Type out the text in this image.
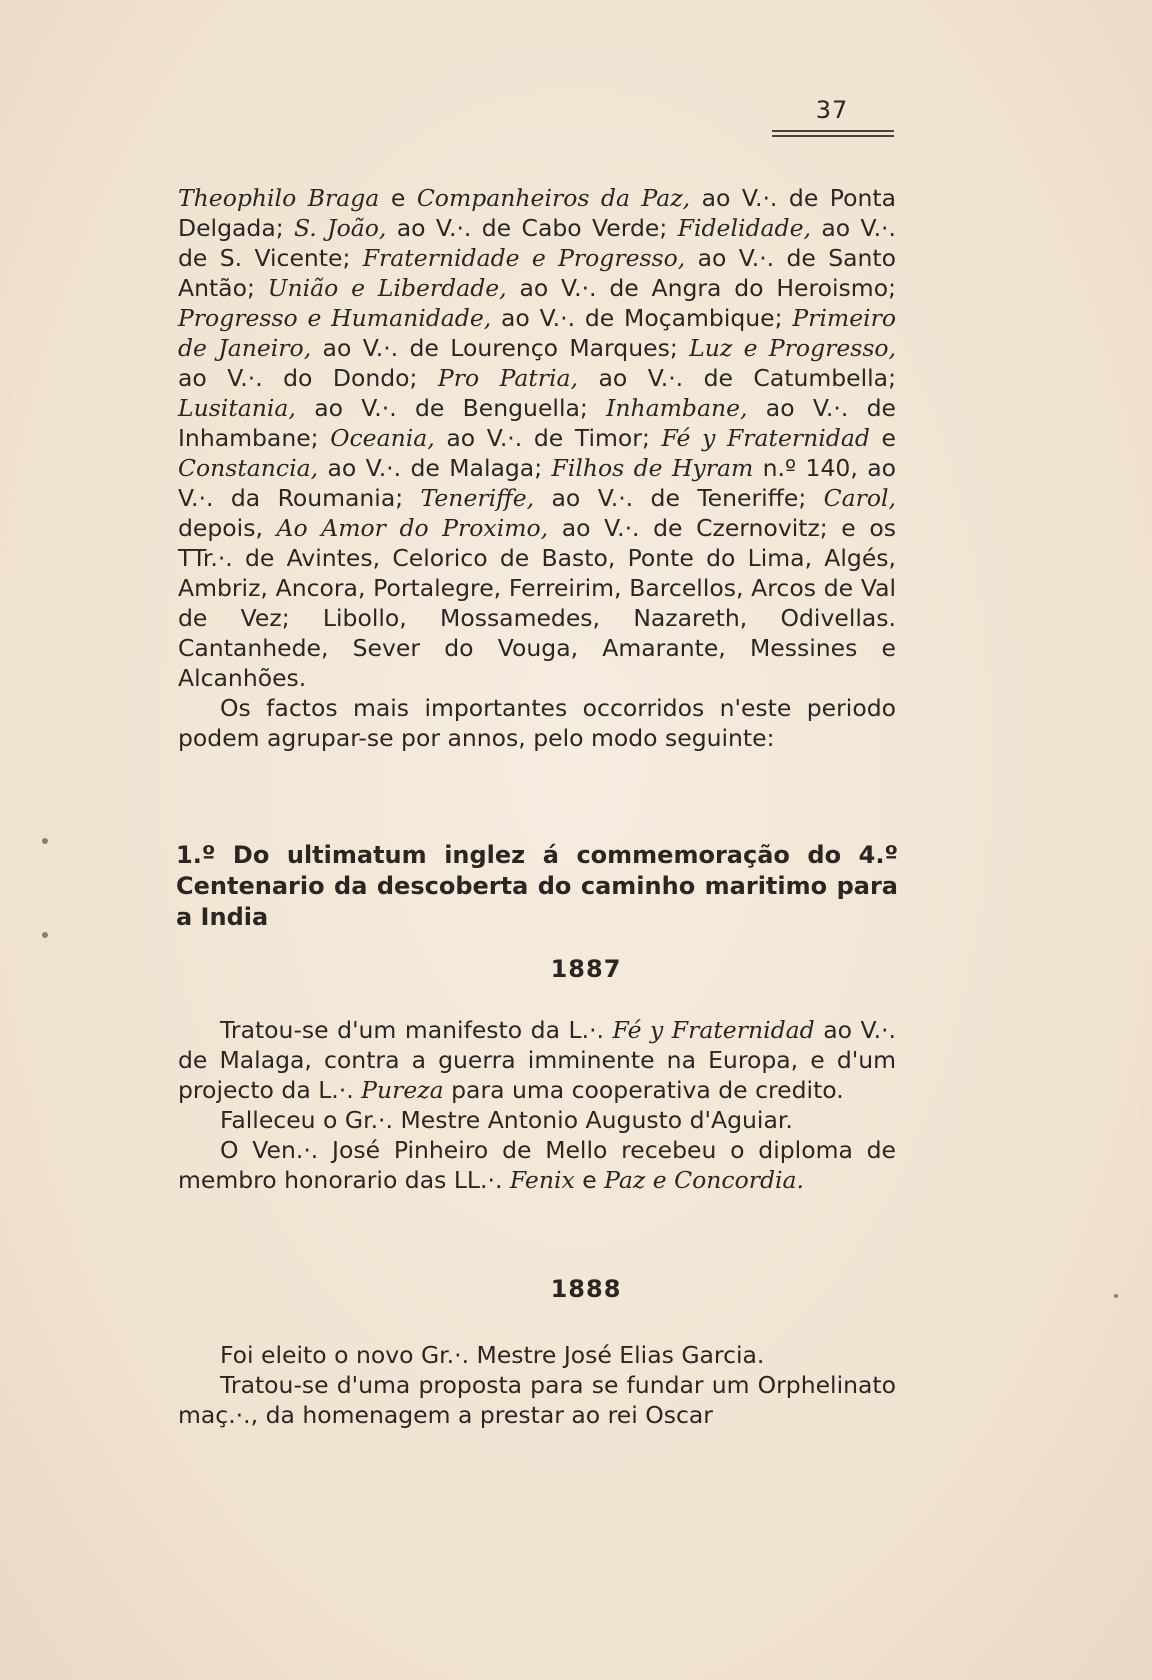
37

Theophilo Braga e Companheiros da Paz, ao V.·. de Ponta Delgada; S. João, ao V.·. de Cabo Verde; Fidelidade, ao V.·. de S. Vicente; Fraternidade e Progresso, ao V.·. de Santo Antão; União e Liberdade, ao V.·. de Angra do Heroismo; Progresso e Humanidade, ao V.·. de Moçambique; Primeiro de Janeiro, ao V.·. de Lourenço Marques; Luz e Progresso, ao V.·. do Dondo; Pro Patria, ao V.·. de Catumbella; Lusitania, ao V.·. de Benguella; Inhambane, ao V.·. de Inhambane; Oceania, ao V.·. de Timor; Fé y Fraternidad e Constancia, ao V.·. de Malaga; Filhos de Hyram n.º 140, ao V.·. da Roumania; Teneriffe, ao V.·. de Teneriffe; Carol, depois, Ao Amor do Proximo, ao V.·. de Czernovitz; e os TTr.·. de Avintes, Celorico de Basto, Ponte do Lima, Algés, Ambriz, Ancora, Portalegre, Ferreirim, Barcellos, Arcos de Val de Vez; Libollo, Mossamedes, Nazareth, Odivellas. Cantanhede, Sever do Vouga, Amarante, Messines e Alcanhões.

Os factos mais importantes occorridos n'este periodo podem agrupar-se por annos, pelo modo seguinte:

1.º Do ultimatum inglez á commemoração do 4.º Centenario da descoberta do caminho maritimo para a India
1887

Tratou-se d'um manifesto da L.·. Fé y Fraternidad ao V.·. de Malaga, contra a guerra imminente na Europa, e d'um projecto da L.·. Pureza para uma cooperativa de credito.

Falleceu o Gr.·. Mestre Antonio Augusto d'Aguiar.

O Ven.·. José Pinheiro de Mello recebeu o diploma de membro honorario das LL.·. Fenix e Paz e Concordia.

1888

Foi eleito o novo Gr.·. Mestre José Elias Garcia.

Tratou-se d'uma proposta para se fundar um Orphelinato maç.·., da homenagem a prestar ao rei Oscar
